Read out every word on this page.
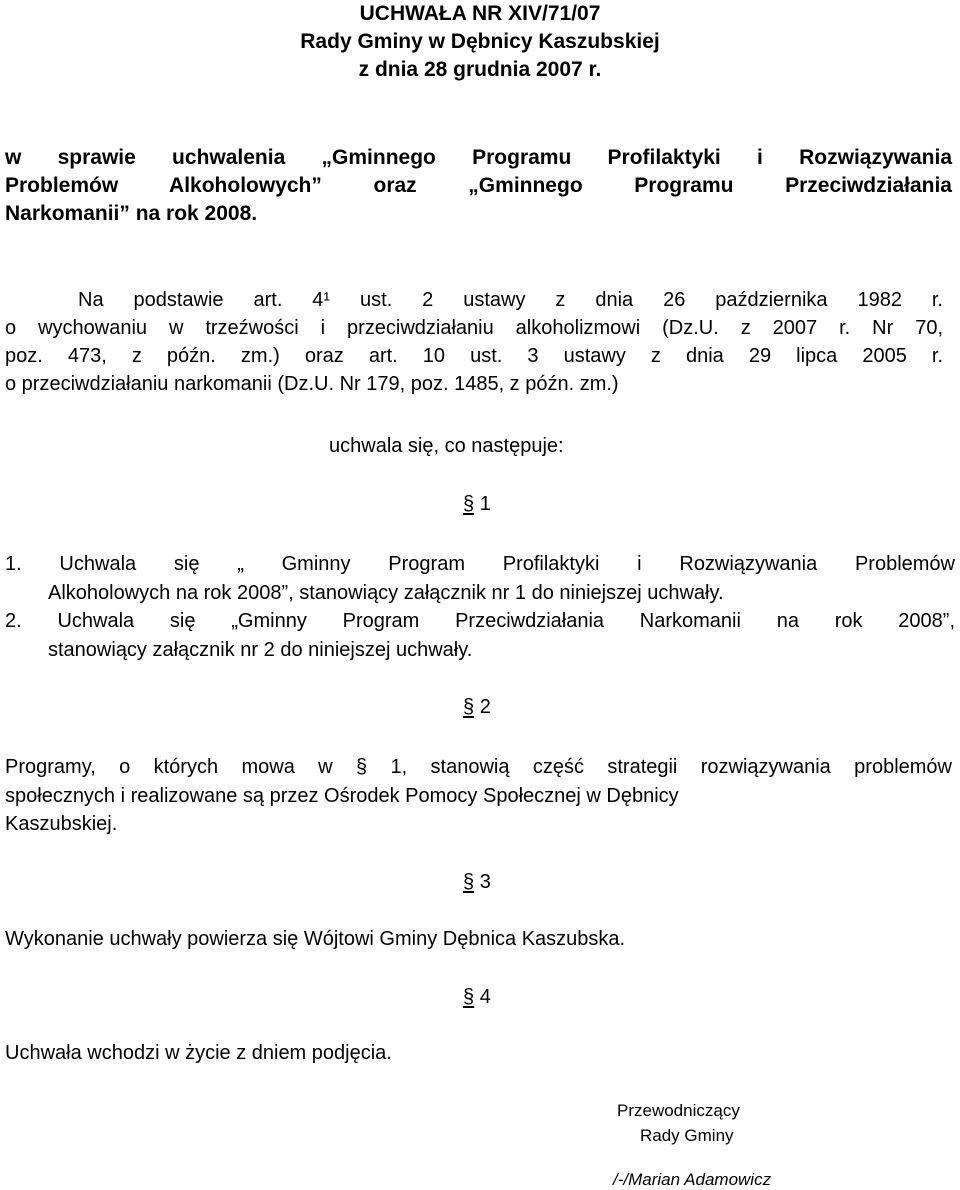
UCHWAŁA NR XIV/71/07
Rady Gminy w Dębnicy Kaszubskiej
z dnia 28 grudnia 2007 r.
w sprawie uchwalenia „Gminnego Programu Profilaktyki i Rozwiązywania
Problemów Alkoholowych” oraz „Gminnego Programu Przeciwdziałania
Narkomanii” na rok 2008.
Na podstawie art. 4¹ ust. 2 ustawy z dnia 26 października 1982 r.
o wychowaniu w trzeźwości i przeciwdziałaniu alkoholizmowi (Dz.U. z 2007 r. Nr 70,
poz. 473, z późn. zm.) oraz art. 10 ust. 3 ustawy z dnia 29 lipca 2005 r.
o przeciwdziałaniu narkomanii (Dz.U. Nr 179, poz. 1485, z późn. zm.)
uchwala się, co następuje:
§ 1
1. Uchwala się „ Gminny Program Profilaktyki i Rozwiązywania Problemów
Alkoholowych na rok 2008”, stanowiący załącznik nr 1 do niniejszej uchwały.
2. Uchwala się „Gminny Program Przeciwdziałania Narkomanii na rok 2008”,
stanowiący załącznik nr 2 do niniejszej uchwały.
§ 2
Programy, o których mowa w § 1, stanowią część strategii rozwiązywania problemów
społecznych i realizowane są przez Ośrodek Pomocy Społecznej w Dębnicy
Kaszubskiej.
§ 3
Wykonanie uchwały powierza się Wójtowi Gminy Dębnica Kaszubska.
§ 4
Uchwała wchodzi w życie z dniem podjęcia.
Przewodniczący
Rady Gminy
/-/Marian Adamowicz
